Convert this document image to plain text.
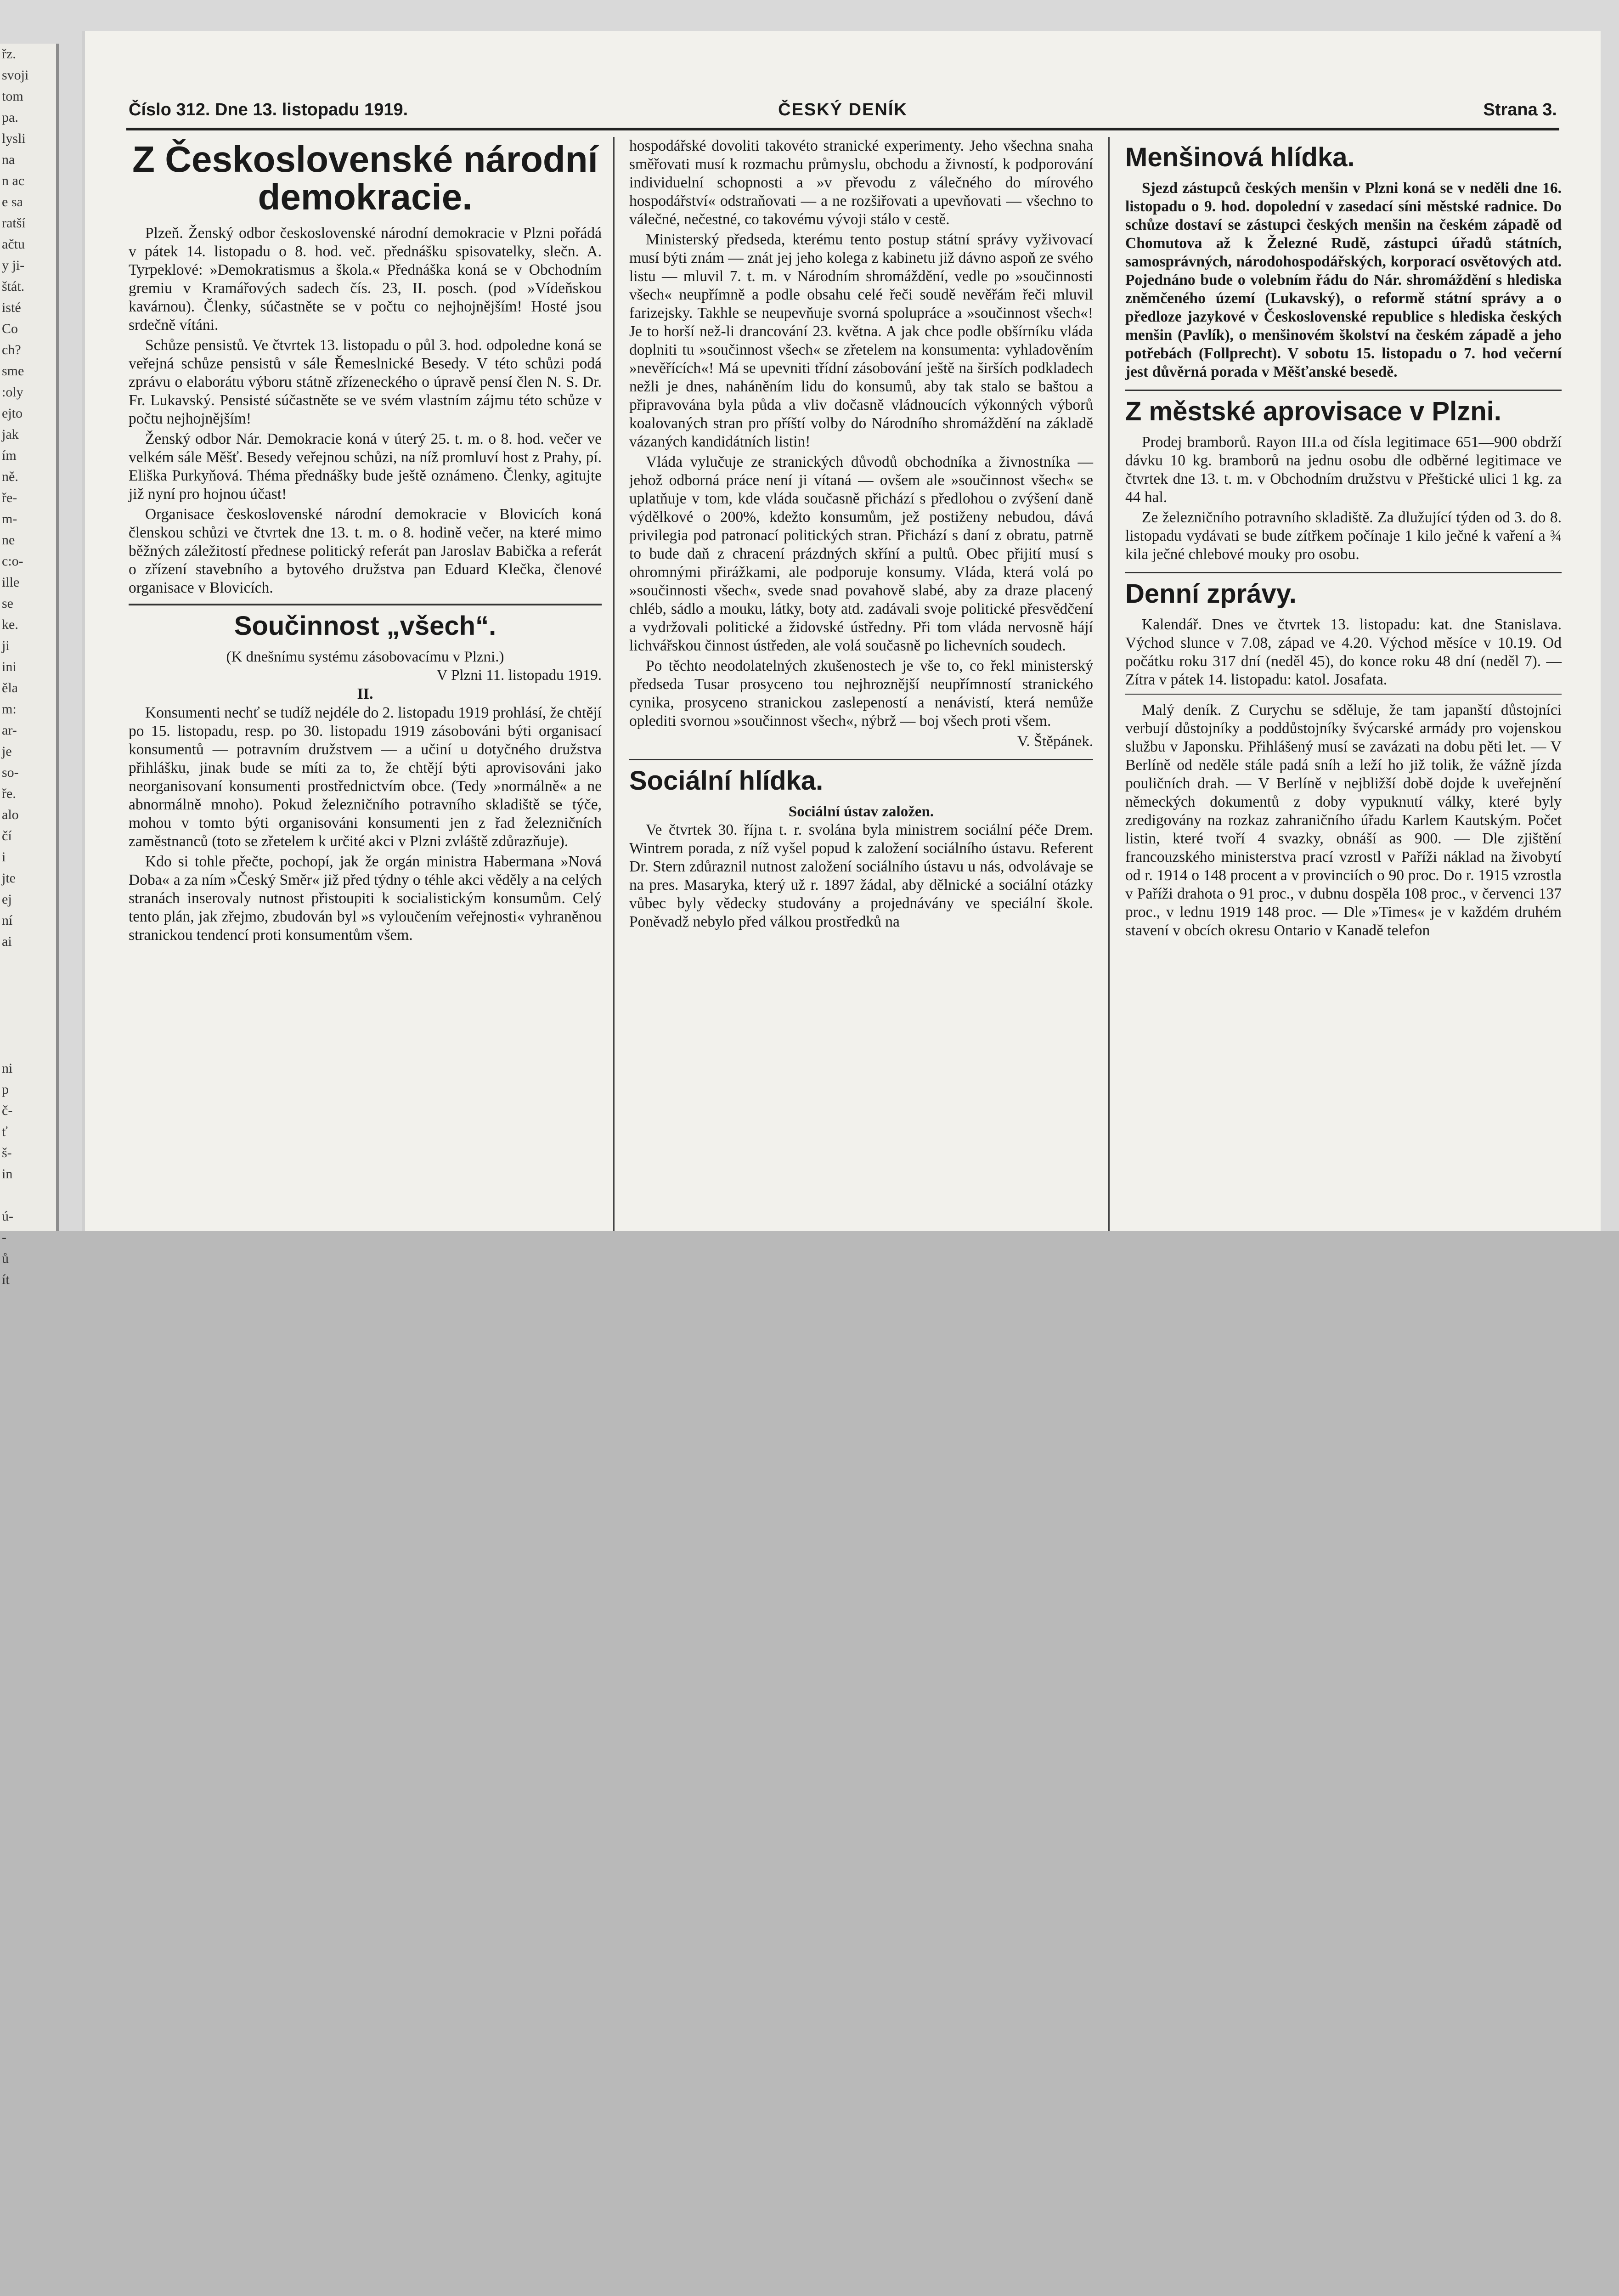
řz.
svoji
tom
pa.
lysli
na
n ac
e sa
ratší
ačtu
y ji-
štát.
isté
Co
ch?
sme
:oly
ejto
jak
ím
ně.
ře-
m-
ne
c:o-
ille
se
ke.
ji
ini
ěla
m:
ar-
je
so-
ře.
alo
čí
i
jte
ej
ní
ai

ni
p
č-
ť
š-
in

ú-
-
ů
ít
Číslo 312. Dne 13. listopadu 1919.	ČESKÝ DENÍK	Strana 3.
Z Československé národní demokracie.

Plzeň. Ženský odbor československé národní demokracie v Plzni pořádá v pátek 14. listopadu o 8. hod. več. přednášku spisovatelky, slečn. A. Tyrpeklové: »Demokratismus a škola.« Přednáška koná se v Obchodním gremiu v Kramářových sadech čís. 23, II. posch. (pod »Vídeňskou kavárnou). Členky, súčastněte se v počtu co nejhojnějším! Hosté jsou srdečně vítáni.

Schůze pensistů. Ve čtvrtek 13. listopadu o půl 3. hod. odpoledne koná se veřejná schůze pensistů v sále Řemeslnické Besedy. V této schůzi podá zprávu o elaborátu výboru státně zřízeneckého o úpravě pensí člen N. S. Dr. Fr. Lukavský. Pensisté súčastněte se ve svém vlastním zájmu této schůze v počtu nejhojnějším!

Ženský odbor Nár. Demokracie koná v úterý 25. t. m. o 8. hod. večer ve velkém sále Měšť. Besedy veřejnou schůzi, na níž promluví host z Prahy, pí. Eliška Purkyňová. Théma přednášky bude ještě oznámeno. Členky, agitujte již nyní pro hojnou účast!

Organisace československé národní demokracie v Blovicích koná členskou schůzi ve čtvrtek dne 13. t. m. o 8. hodině večer, na které mimo běžných záležitostí přednese politický referát pan Jaroslav Babička a referát o zřízení stavebního a bytového družstva pan Eduard Klečka, členové organisace v Blovicích.

Součinnost „všech“.

(K dnešnímu systému zásobovacímu v Plzni.)

V Plzni 11. listopadu 1919.

II.

Konsumenti nechť se tudíž nejdéle do 2. listopadu 1919 prohlásí, že chtějí po 15. listopadu, resp. po 30. listopadu 1919 zásobováni býti organisací konsumentů — potravním družstvem — a učiní u dotyčného družstva přihlášku, jinak bude se míti za to, že chtějí býti aprovisováni jako neorganisovaní konsumenti prostřednictvím obce. (Tedy »normálně« a ne abnormálně mnoho). Pokud železničního potravního skladiště se týče, mohou v tomto býti organisováni konsumenti jen z řad železničních zaměstnanců (toto se zřetelem k určité akci v Plzni zvláště zdůrazňuje).

Kdo si tohle přečte, pochopí, jak že orgán ministra Habermana »Nová Doba« a za ním »Český Směr« již před týdny o téhle akci věděly a na celých stranách inserovaly nutnost přistoupiti k socialistickým konsumům. Celý tento plán, jak zřejmo, zbudován byl »s vyloučením veřejnosti« vyhraněnou stranickou tendencí proti konsumentům všem.

hospodářské dovoliti takovéto stranické experimenty. Jeho všechna snaha směřovati musí k rozmachu průmyslu, obchodu a živností, k podporování individuelní schopnosti a »v převodu z válečného do mírového hospodářství« odstraňovati — a ne rozšiřovati a upevňovati — všechno to válečné, nečestné, co takovému vývoji stálo v cestě.

Ministerský předseda, kterému tento postup státní správy vyživovací musí býti znám — znát jej jeho kolega z kabinetu již dávno aspoň ze svého listu — mluvil 7. t. m. v Národním shromáždění, vedle po »součinnosti všech« neupřímně a podle obsahu celé řeči soudě nevěřám řeči mluvil farizejsky. Takhle se neupevňuje svorná spolupráce a »součinnost všech«! Je to horší než-li drancování 23. května. A jak chce podle obšírníku vláda doplniti tu »součinnost všech« se zřetelem na konsumenta: vyhladověním »nevěřících«! Má se upevniti třídní zásobování ještě na širších podkladech nežli je dnes, naháněním lidu do konsumů, aby tak stalo se baštou a připravována byla půda a vliv dočasně vládnoucích výkonných výborů koalovaných stran pro příští volby do Národního shromáždění na základě vázaných kandidátních listin!

Vláda vylučuje ze stranických důvodů obchodníka a živnostníka — jehož odborná práce není ji vítaná — ovšem ale »součinnost všech« se uplatňuje v tom, kde vláda současně přichází s předlohou o zvýšení daně výdělkové o 200%, kdežto konsumům, jež postiženy nebudou, dává privilegia pod patronací politických stran. Přichází s daní z obratu, patrně to bude daň z chracení prázdných skříní a pultů. Obec přijití musí s ohromnými přirážkami, ale podporuje konsumy. Vláda, která volá po »součinnosti všech«, svede snad povahově slabé, aby za draze placený chléb, sádlo a mouku, látky, boty atd. zadávali svoje politické přesvědčení a vydržovali politické a židovské ústředny. Při tom vláda nervosně hájí lichvářskou činnost ústředen, ale volá současně po lichevních soudech.

Po těchto neodolatelných zkušenostech je vše to, co řekl ministerský předseda Tusar prosyceno tou nejhroznější neupřímností stranického cynika, prosyceno stranickou zaslepeností a nenávistí, která nemůže oplediti svornou »součinnost všech«, nýbrž — boj všech proti všem.

V. Štěpánek.

Sociální hlídka.

Sociální ústav založen.

Ve čtvrtek 30. října t. r. svolána byla ministrem sociální péče Drem. Wintrem porada, z níž vyšel popud k založení sociálního ústavu. Referent Dr. Stern zdůraznil nutnost založení sociálního ústavu u nás, odvolávaje se na pres. Masaryka, který už r. 1897 žádal, aby dělnické a sociální otázky vůbec byly vědecky studovány a projednávány ve speciální škole. Poněvadž nebylo před válkou prostředků na

Menšinová hlídka.

Sjezd zástupců českých menšin v Plzni koná se v neděli dne 16. listopadu o 9. hod. dopolední v zasedací síni městské radnice. Do schůze dostaví se zástupci českých menšin na českém západě od Chomutova až k Železné Rudě, zástupci úřadů státních, samosprávných, národohospodářských, korporací osvětových atd. Pojednáno bude o volebním řádu do Nár. shromáždění s hlediska zněmčeného území (Lukavský), o reformě státní správy a o předloze jazykové v Československé republice s hlediska českých menšin (Pavlík), o menšinovém školství na českém západě a jeho potřebách (Follprecht). V sobotu 15. listopadu o 7. hod večerní jest důvěrná porada v Měšťanské besedě.

Z městské aprovisace v Plzni.

Prodej bramborů. Rayon III.a od čísla legitimace 651—900 obdrží dávku 10 kg. bramborů na jednu osobu dle odběrné legitimace ve čtvrtek dne 13. t. m. v Obchodním družstvu v Přeštické ulici 1 kg. za 44 hal.

Ze železničního potravního skladiště. Za dlužující týden od 3. do 8. listopadu vydávati se bude zítřkem počínaje 1 kilo ječné k vaření a ¾ kila ječné chlebové mouky pro osobu.

Denní zprávy.

Kalendář. Dnes ve čtvrtek 13. listopadu: kat. dne Stanislava. Východ slunce v 7.08, západ ve 4.20. Východ měsíce v 10.19. Od počátku roku 317 dní (neděl 45), do konce roku 48 dní (neděl 7). — Zítra v pátek 14. listopadu: katol. Josafata.

Malý deník. Z Curychu se sděluje, že tam japanští důstojníci verbují důstojníky a poddůstojníky švýcarské armády pro vojenskou službu v Japonsku. Přihlášený musí se zavázati na dobu pěti let. — V Berlíně od neděle stále padá sníh a leží ho již tolik, že vážně jízda pouličních drah. — V Berlíně v nejbližší době dojde k uveřejnění německých dokumentů z doby vypuknutí války, které byly zredigovány na rozkaz zahraničního úřadu Karlem Kautským. Počet listin, které tvoří 4 svazky, obnáší as 900. — Dle zjištění francouzského ministerstva prací vzrostl v Paříži náklad na živobytí od r. 1914 o 148 procent a v provinciích o 90 proc. Do r. 1915 vzrostla v Paříži drahota o 91 proc., v dubnu dospěla 108 proc., v červenci 137 proc., v lednu 1919 148 proc. — Dle »Times« je v každém druhém stavení v obcích okresu Ontario v Kanadě telefon
